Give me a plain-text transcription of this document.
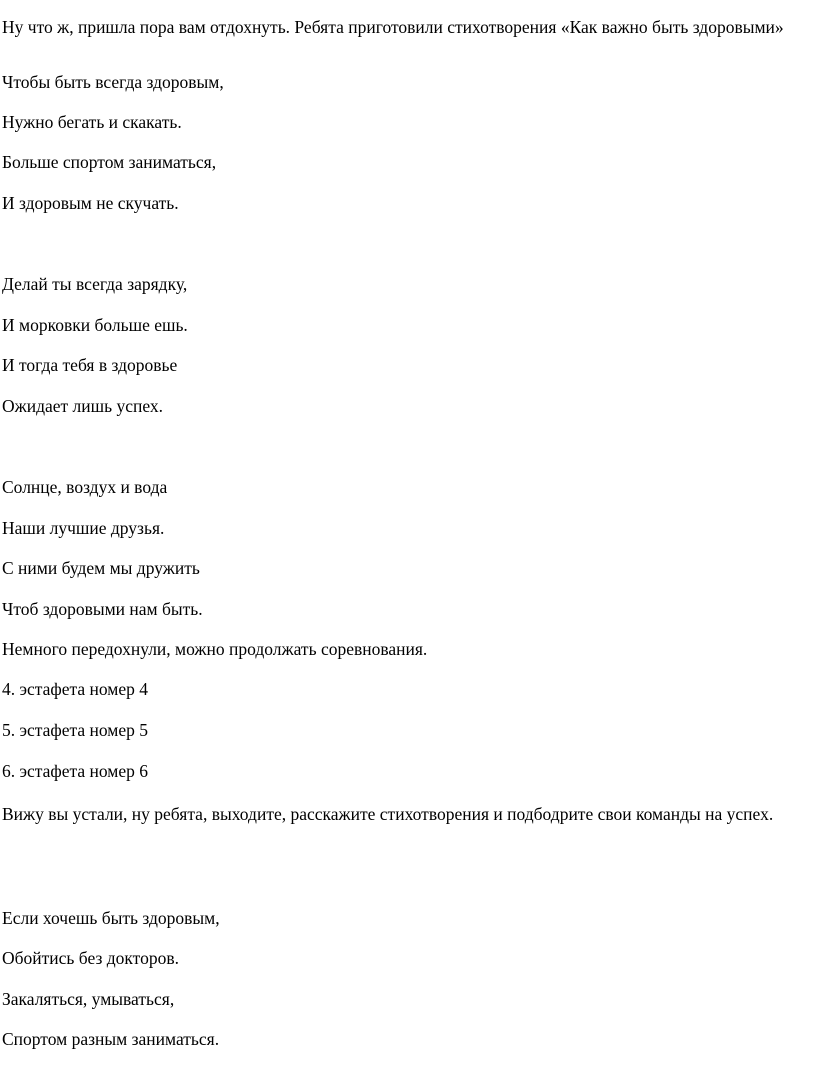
Ну что ж, пришла пора вам отдохнуть. Ребята приготовили стихотворения «Как важно быть здоровыми»

Чтобы быть всегда здоровым,
Нужно бегать и скакать.
Больше спортом заниматься,
И здоровым не скучать.
Делай ты всегда зарядку,
И морковки больше ешь.
И тогда тебя в здоровье
Ожидает лишь успех.
Солнце, воздух и вода
Наши лучшие друзья.
С ними будем мы дружить
Чтоб здоровыми нам быть.
Немного передохнули, можно продолжать соревнования.
4. эстафета номер 4
5. эстафета номер 5
6. эстафета номер 6

Вижу вы устали, ну ребята, выходите, расскажите стихотворения и подбодрите свои команды на успех.

Если хочешь быть здоровым,
Обойтись без докторов.
Закаляться, умываться,
Спортом разным заниматься.
